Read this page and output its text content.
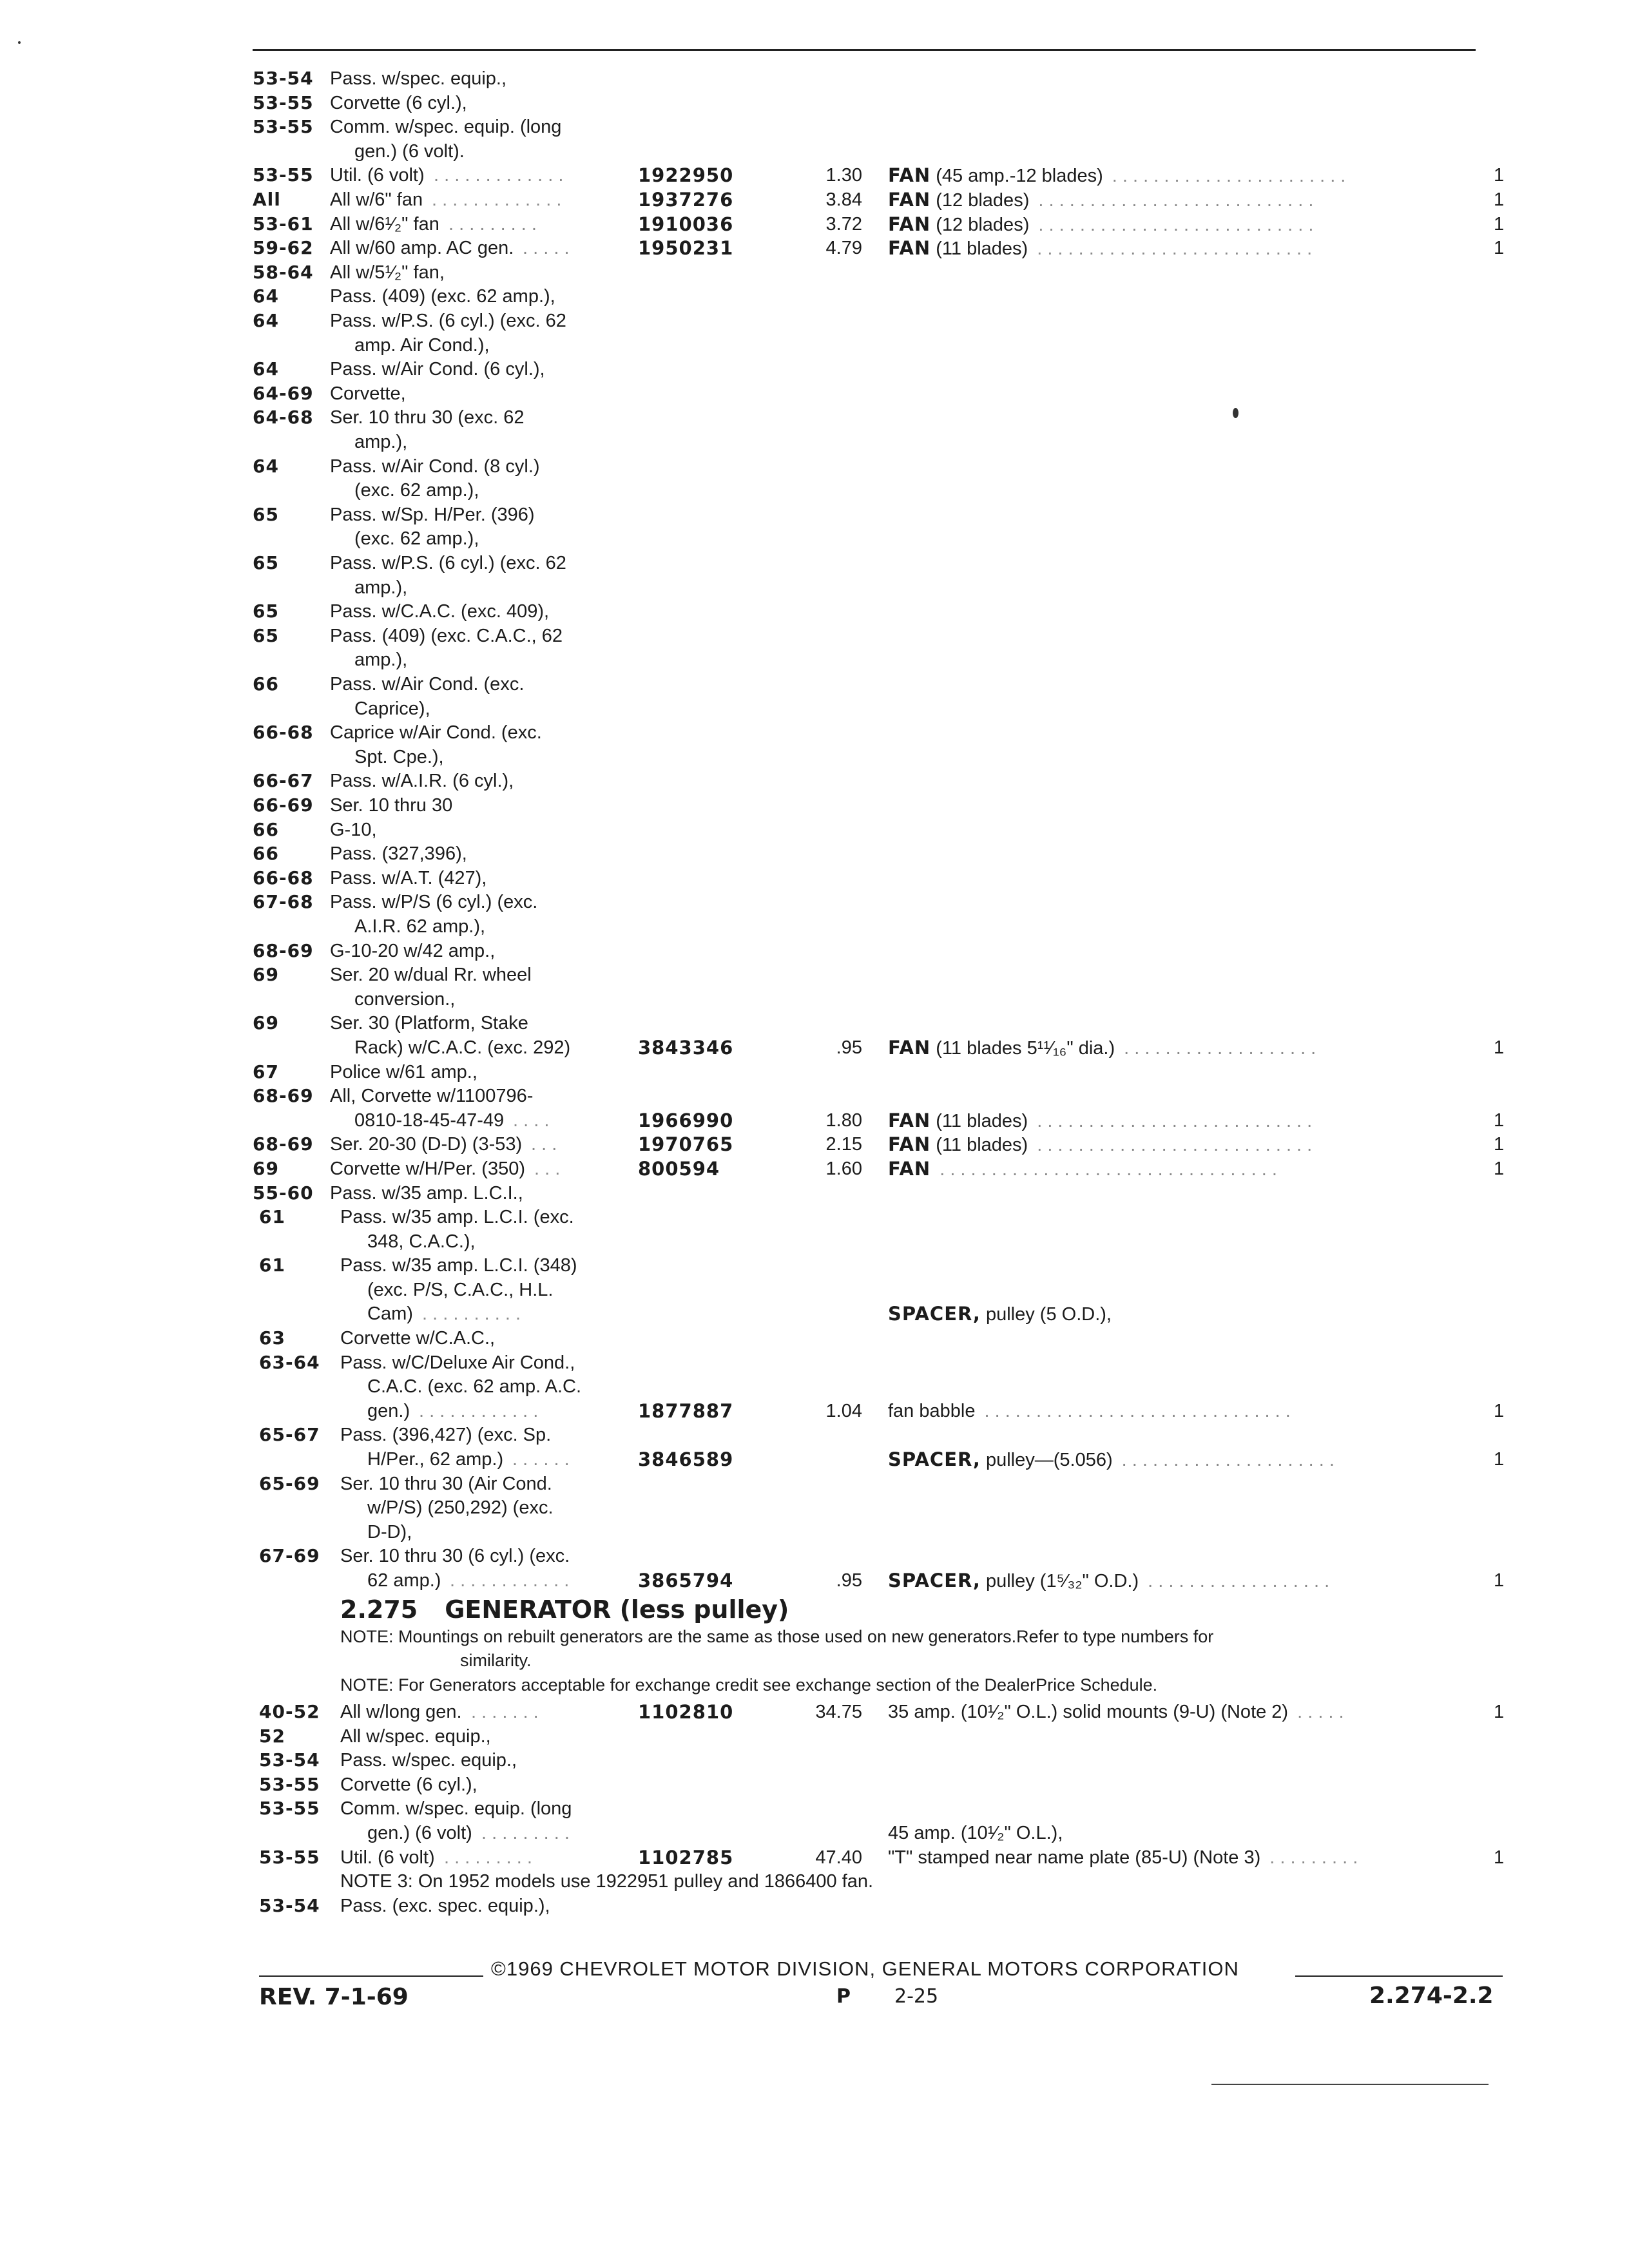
53-54 Pass. w/spec. equip.,
53-55 Corvette (6 cyl.),
53-55 Comm. w/spec. equip. (long
gen.) (6 volt).
53-55 Util. (6 volt) . . . . . . . . . . . . .	1922950	1.30 FAN (45 amp.-12 blades) . . . . . . . . . . . . . . . . . . . . . . .	1
All	All w/6" fan . . . . . . . . . . . . .	1937276	3.84 FAN (12 blades) . . . . . . . . . . . . . . . . . . . . . . . . . . .	1
53-61 All w/6¹⁄₂" fan . . . . . . . . .	1910036	3.72 FAN (12 blades) . . . . . . . . . . . . . . . . . . . . . . . . . . .	1
59-62 All w/60 amp. AC gen. . . . . .	1950231	4.79 FAN (11 blades) . . . . . . . . . . . . . . . . . . . . . . . . . . .	1
58-64 All w/5¹⁄₂" fan,
64	Pass. (409) (exc. 62 amp.),
64	Pass. w/P.S. (6 cyl.) (exc. 62
amp. Air Cond.),
64	Pass. w/Air Cond. (6 cyl.),
64-69 Corvette,
64-68 Ser. 10 thru 30 (exc. 62
amp.),
64	Pass. w/Air Cond. (8 cyl.)
(exc. 62 amp.),
65	Pass. w/Sp. H/Per. (396)
(exc. 62 amp.),
65	Pass. w/P.S. (6 cyl.) (exc. 62
amp.),
65	Pass. w/C.A.C. (exc. 409),
65	Pass. (409) (exc. C.A.C., 62
amp.),
66	Pass. w/Air Cond. (exc.
Caprice),
66-68 Caprice w/Air Cond. (exc.
Spt. Cpe.),
66-67 Pass. w/A.I.R. (6 cyl.),
66-69 Ser. 10 thru 30
66	G-10,
66	Pass. (327,396),
66-68 Pass. w/A.T. (427),
67-68 Pass. w/P/S (6 cyl.) (exc.
A.I.R. 62 amp.),
68-69 G-10-20 w/42 amp.,
69	Ser. 20 w/dual Rr. wheel
conversion.,
69	Ser. 30 (Platform, Stake
Rack) w/C.A.C. (exc. 292)	3843346	.95 FAN (11 blades 5¹¹⁄₁₆" dia.) . . . . . . . . . . . . . . . . . . .	1
67	Police w/61 amp.,
68-69 All, Corvette w/1100796-
0810-18-45-47-49 . . . .	1966990	1.80 FAN (11 blades) . . . . . . . . . . . . . . . . . . . . . . . . . . .	1
68-69 Ser. 20-30 (D-D) (3-53) . . .	1970765	2.15 FAN (11 blades) . . . . . . . . . . . . . . . . . . . . . . . . . . .	1
69	Corvette w/H/Per. (350) . . .	800594	1.60 FAN . . . . . . . . . . . . . . . . . . . . . . . . . . . . . . . . .	1
55-60 Pass. w/35 amp. L.C.I.,
61	Pass. w/35 amp. L.C.I. (exc.
348, C.A.C.),
61	Pass. w/35 amp. L.C.I. (348)
(exc. P/S, C.A.C., H.L.
Cam) . . . . . . . . . .	SPACER, pulley (5 O.D.),
63	Corvette w/C.A.C.,
63-64 Pass. w/C/Deluxe Air Cond.,
C.A.C. (exc. 62 amp. A.C.
gen.) . . . . . . . . . . . .	1877887	1.04 fan babble . . . . . . . . . . . . . . . . . . . . . . . . . . . . . .	1
65-67 Pass. (396,427) (exc. Sp.
H/Per., 62 amp.) . . . . . .	3846589	SPACER, pulley—(5.056) . . . . . . . . . . . . . . . . . . . . .	1
65-69 Ser. 10 thru 30 (Air Cond.
w/P/S) (250,292) (exc.
D-D),
67-69 Ser. 10 thru 30 (6 cyl.) (exc.
62 amp.) . . . . . . . . . . . .	3865794	.95 SPACER, pulley (1⁵⁄₃₂" O.D.) . . . . . . . . . . . . . . . . . .	1
2.275 GENERATOR (less pulley)
NOTE: Mountings on rebuilt generators are the same as those used on new generators.Refer to type numbers for
similarity.
NOTE: For Generators acceptable for exchange credit see exchange section of the DealerPrice Schedule.
40-52 All w/long gen. . . . . . . .	1102810	34.75 35 amp. (10¹⁄₂" O.L.) solid mounts (9-U) (Note 2) . . . . .	1
52	All w/spec. equip.,
53-54 Pass. w/spec. equip.,
53-55 Corvette (6 cyl.),
53-55 Comm. w/spec. equip. (long
gen.) (6 volt) . . . . . . . . .	45 amp. (10¹⁄₂" O.L.),
53-55 Util. (6 volt) . . . . . . . . .	1102785	47.40 "T" stamped near name plate (85-U) (Note 3) . . . . . . . . .	1
NOTE 3: On 1952 models use 1922951 pulley and 1866400 fan.
53-54 Pass. (exc. spec. equip.),
©1969 CHEVROLET MOTOR DIVISION, GENERAL MOTORS CORPORATION
REV. 7-1-69	P 2-25	2.274-2.2
